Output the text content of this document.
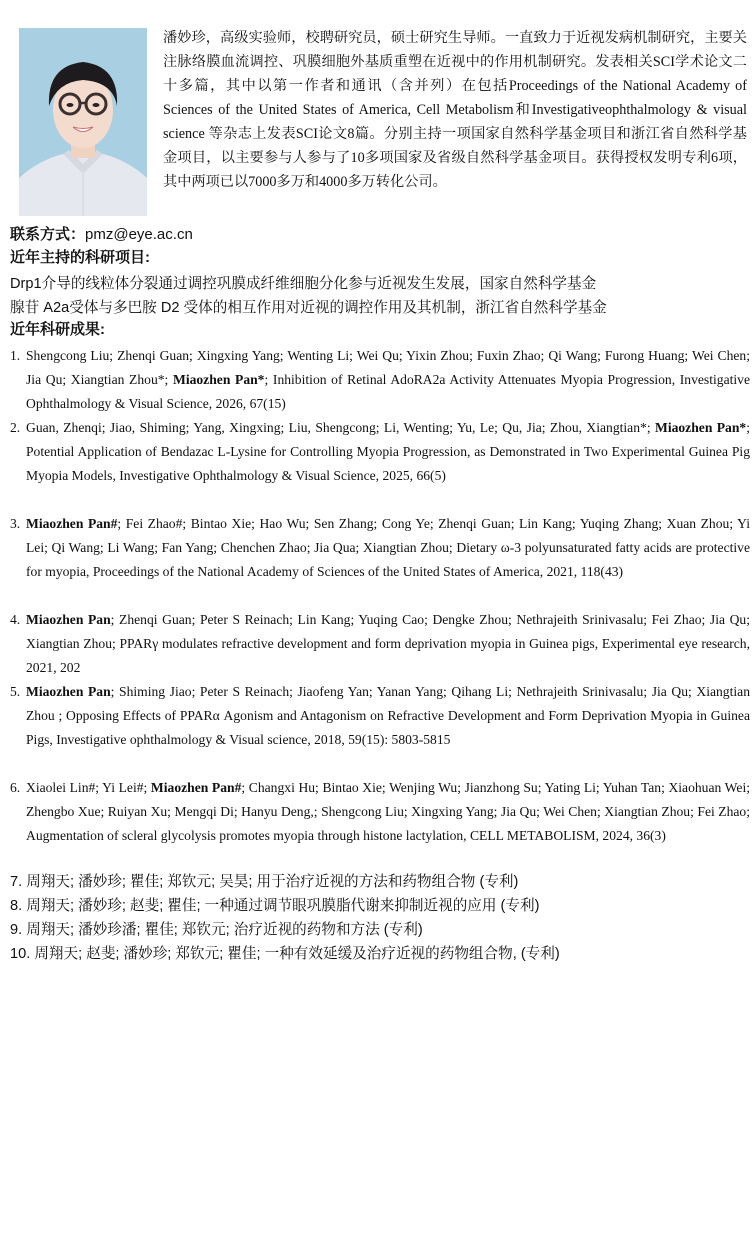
潘妙珍，高级实验师，校聘研究员，硕士研究生导师。一直致力于近视发病机制研究，主要关注脉络膜血流调控、巩膜细胞外基质重塑在近视中的作用机制研究。发表相关SCI学术论文二十多篇，其中以第一作者和通讯（含并列）在包括Proceedings of the National Academy of Sciences of the United States of America, Cell Metabolism和Investigativeophthalmology & visual science 等杂志上发表SCI论文8篇。分别主持一项国家自然科学基金项目和浙江省自然科学基金项目，以主要参与人参与了10多项国家及省级自然科学基金项目。获得授权发明专利6项，其中两项已以7000多万和4000多万转化公司。
联系方式：pmz@eye.ac.cn
近年主持的科研项目:
Drp1介导的线粒体分裂通过调控巩膜成纤维细胞分化参与近视发生发展，国家自然科学基金
腺苷 A2a受体与多巴胺 D2 受体的相互作用对近视的调控作用及其机制，浙江省自然科学基金
近年科研成果:
1. Shengcong Liu; Zhenqi Guan; Xingxing Yang; Wenting Li; Wei Qu; Yixin Zhou; Fuxin Zhao; Qi Wang; Furong Huang; Wei Chen; Jia Qu; Xiangtian Zhou*; Miaozhen Pan*; Inhibition of Retinal AdoRA2a Activity Attenuates Myopia Progression, Investigative Ophthalmology & Visual Science, 2026, 67(15)
2. Guan, Zhenqi; Jiao, Shiming; Yang, Xingxing; Liu, Shengcong; Li, Wenting; Yu, Le; Qu, Jia; Zhou, Xiangtian*; Miaozhen Pan*; Potential Application of Bendazac L-Lysine for Controlling Myopia Progression, as Demonstrated in Two Experimental Guinea Pig Myopia Models, Investigative Ophthalmology & Visual Science, 2025, 66(5)
3. Miaozhen Pan#; Fei Zhao#; Bintao Xie; Hao Wu; Sen Zhang; Cong Ye; Zhenqi Guan; Lin Kang; Yuqing Zhang; Xuan Zhou; Yi Lei; Qi Wang; Li Wang; Fan Yang; Chenchen Zhao; Jia Qua; Xiangtian Zhou; Dietary ω-3 polyunsaturated fatty acids are protective for myopia, Proceedings of the National Academy of Sciences of the United States of America, 2021, 118(43)
4. Miaozhen Pan; Zhenqi Guan; Peter S Reinach; Lin Kang; Yuqing Cao; Dengke Zhou; Nethrajeith Srinivasalu; Fei Zhao; Jia Qu; Xiangtian Zhou; PPARγ modulates refractive development and form deprivation myopia in Guinea pigs, Experimental eye research, 2021, 202
5. Miaozhen Pan; Shiming Jiao; Peter S Reinach; Jiaofeng Yan; Yanan Yang; Qihang Li; Nethrajeith Srinivasalu; Jia Qu; Xiangtian Zhou ; Opposing Effects of PPARα Agonism and Antagonism on Refractive Development and Form Deprivation Myopia in Guinea Pigs, Investigative ophthalmology & Visual science, 2018, 59(15): 5803-5815
6. Xiaolei Lin#; Yi Lei#; Miaozhen Pan#; Changxi Hu; Bintao Xie; Wenjing Wu; Jianzhong Su; Yating Li; Yuhan Tan; Xiaohuan Wei; Zhengbo Xue; Ruiyan Xu; Mengqi Di; Hanyu Deng,; Shengcong Liu; Xingxing Yang; Jia Qu; Wei Chen; Xiangtian Zhou; Fei Zhao; Augmentation of scleral glycolysis promotes myopia through histone lactylation, CELL METABOLISM, 2024, 36(3)
7. 周翔天; 潘妙珍; 瞿佳; 郑钦元; 吴昊; 用于治疗近视的方法和药物组合物 (专利)
8. 周翔天; 潘妙珍; 赵斐; 瞿佳; 一种通过调节眼巩膜脂代谢来抑制近视的应用 (专利)
9. 周翔天; 潘妙珍潘; 瞿佳; 郑钦元; 治疗近视的药物和方法 (专利)
10. 周翔天; 赵斐; 潘妙珍; 郑钦元; 瞿佳; 一种有效延缓及治疗近视的药物组合物, (专利)
